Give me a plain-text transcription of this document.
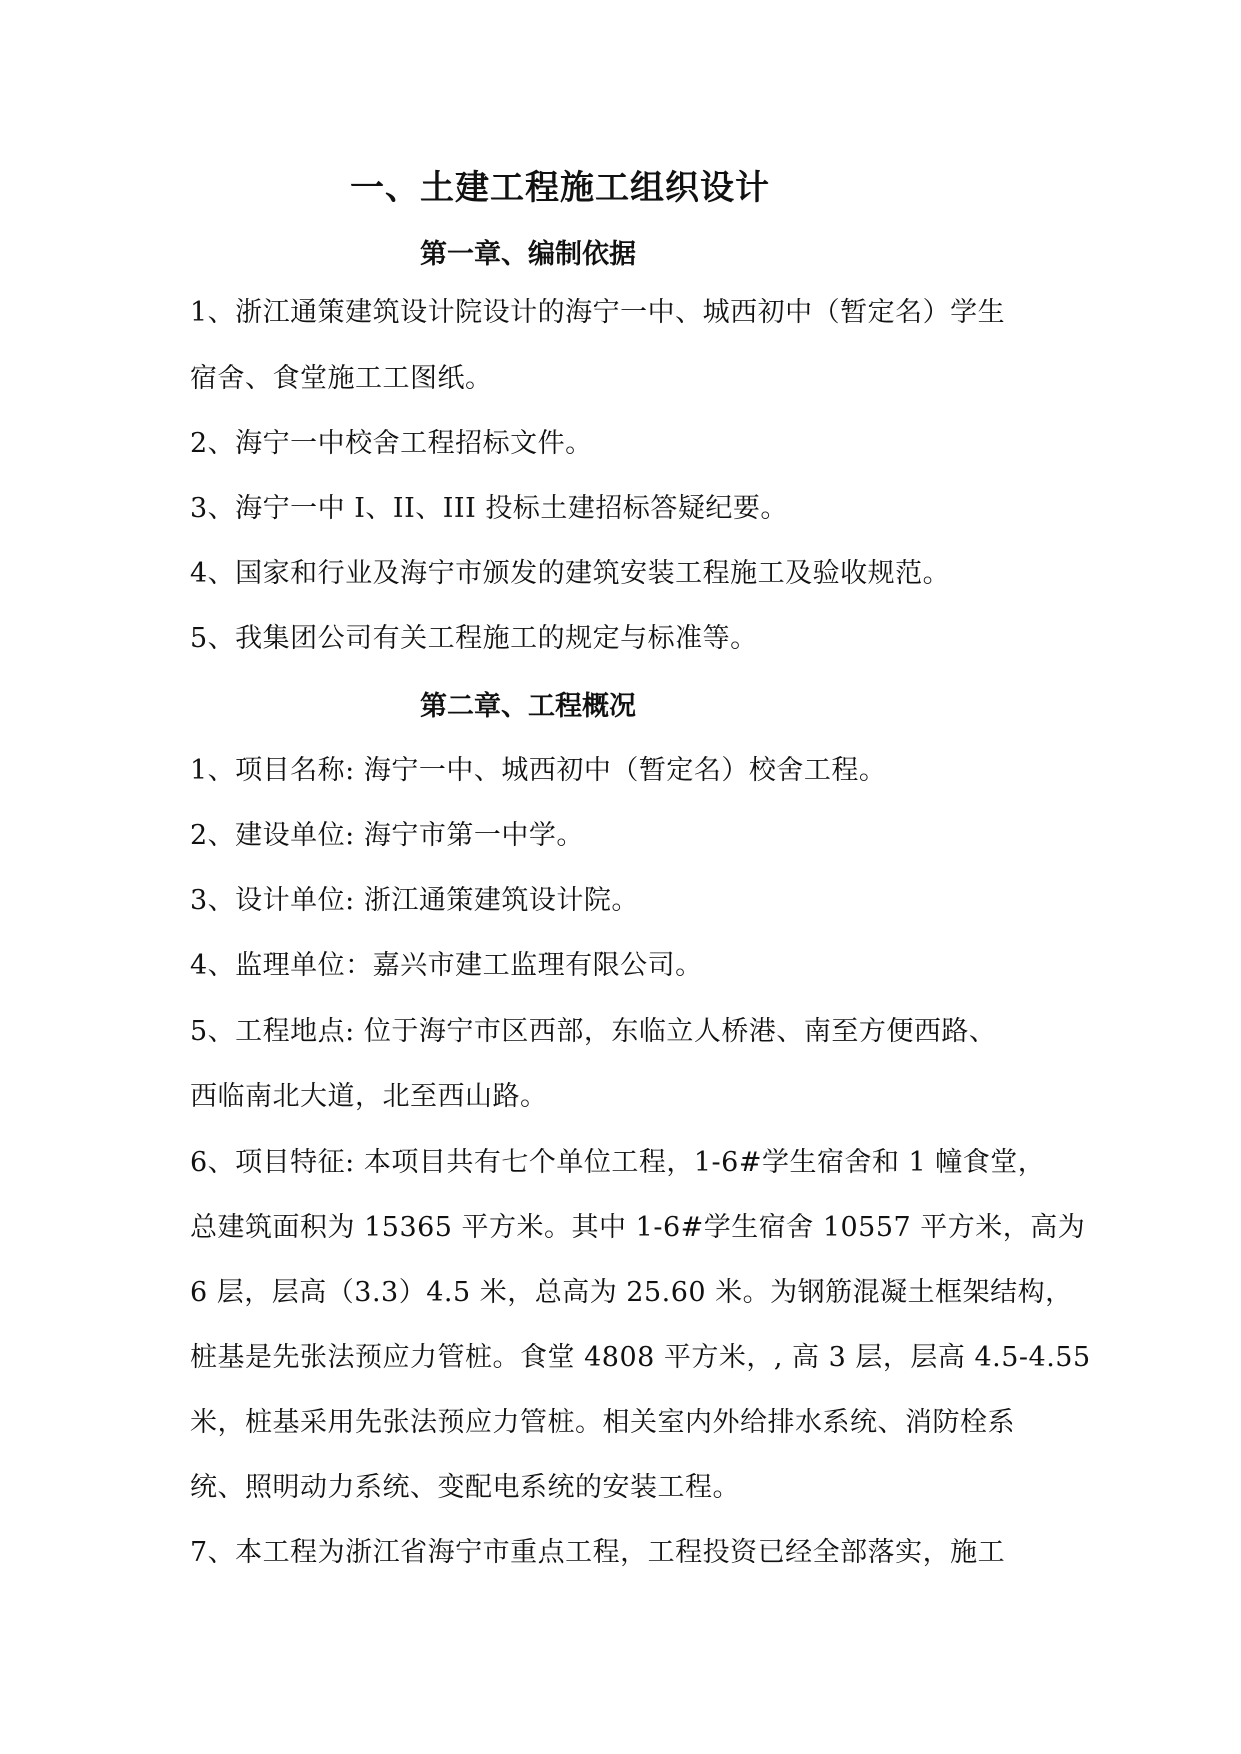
一、土建工程施工组织设计
第一章、编制依据
1、浙江通策建筑设计院设计的海宁一中、城西初中（暂定名）学生
宿舍、食堂施工工图纸。
2、海宁一中校舍工程招标文件。
3、海宁一中 I、II、III 投标土建招标答疑纪要。
4、国家和行业及海宁市颁发的建筑安装工程施工及验收规范。
5、我集团公司有关工程施工的规定与标准等。
第二章、工程概况
1、项目名称: 海宁一中、城西初中（暂定名）校舍工程。
2、建设单位: 海宁市第一中学。
3、设计单位: 浙江通策建筑设计院。
4、监理单位：嘉兴市建工监理有限公司。
5、工程地点: 位于海宁市区西部，东临立人桥港、南至方便西路、
西临南北大道，北至西山路。
6、项目特征: 本项目共有七个单位工程，1-6#学生宿舍和 1 幢食堂，
总建筑面积为 15365 平方米。其中 1-6#学生宿舍 10557 平方米，高为
6 层，层高（3.3）4.5 米，总高为 25.60 米。为钢筋混凝土框架结构，
桩基是先张法预应力管桩。食堂 4808 平方米，, 高 3 层，层高 4.5-4.55
米，桩基采用先张法预应力管桩。相关室内外给排水系统、消防栓系
统、照明动力系统、变配电系统的安装工程。
7、本工程为浙江省海宁市重点工程，工程投资已经全部落实，施工
